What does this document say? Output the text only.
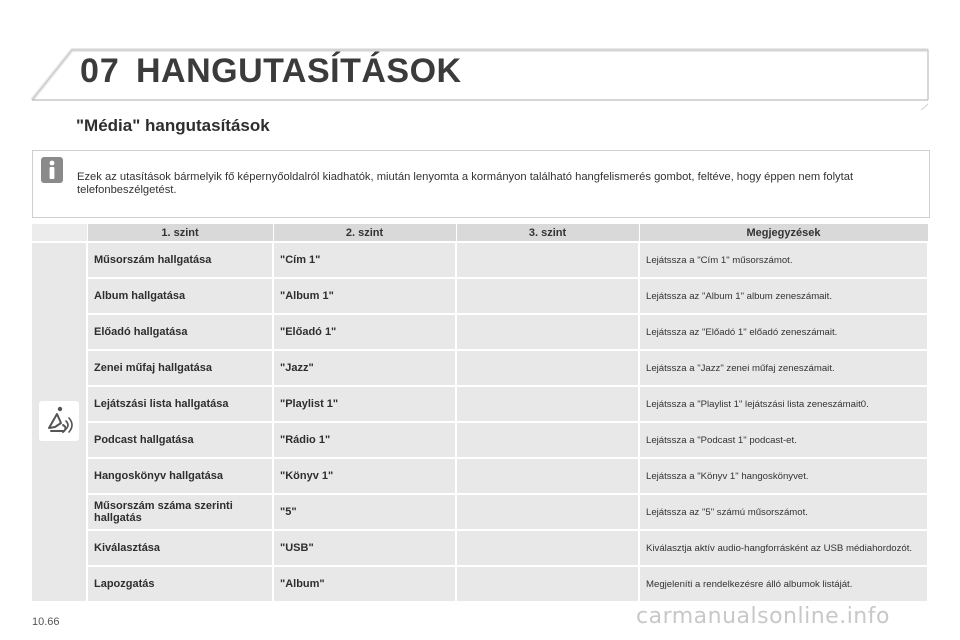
07 HANGUTASÍTÁSOK
"Média" hangutasítások
Ezek az utasítások bármelyik fő képernyőoldalról kiadhatók, miután lenyomta a kormányon található hangfelismerés gombot, feltéve, hogy éppen nem folytat telefonbeszélgetést.
	1. szint	2. szint	3. szint	Megjegyzések
	Műsorszám hallgatása	"Cím 1"		Lejátssza a "Cím 1" műsorszámot.
	Album hallgatása	"Album 1"		Lejátssza az "Album 1" album zeneszámait.
	Előadó hallgatása	"Előadó 1"		Lejátssza az "Előadó 1" előadó zeneszámait.
	Zenei műfaj hallgatása	"Jazz"		Lejátssza a "Jazz" zenei műfaj zeneszámait.
	Lejátszási lista hallgatása	"Playlist 1"		Lejátssza a "Playlist 1" lejátszási lista zeneszámait0.
	Podcast hallgatása	"Rádio 1"		Lejátssza a "Podcast 1" podcast-et.
	Hangoskönyv hallgatása	"Könyv 1"		Lejátssza a "Könyv 1" hangoskönyvet.
	Műsorszám száma szerinti hallgatás	"5"		Lejátssza az "5" számú műsorszámot.
	Kiválasztása	"USB"		Kiválasztja aktív audio-hangforrásként az USB médiahordozót.
	Lapozgatás	"Album"		Megjeleníti a rendelkezésre álló albumok listáját.
10.66	carmanualsonline.info
